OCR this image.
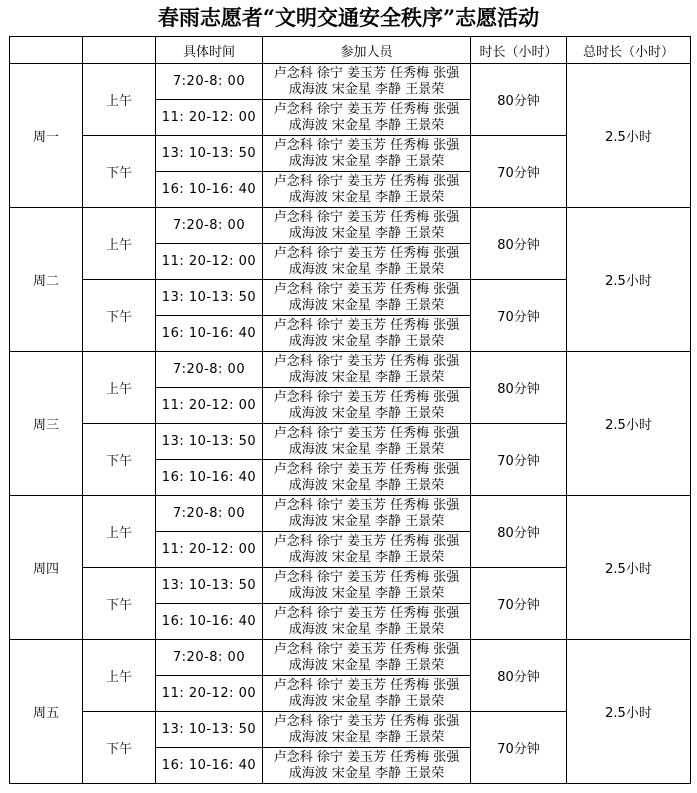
春雨志愿者“文明交通安全秩序”志愿活动
		具体时间	参加人员	时长（小时）	总时长（小时）
周一	上午	7:20-8: 00	卢念科 徐宁 姜玉芳 任秀梅 张强
成海波 宋金星 李静 王景荣	80分钟	2.5小时
		11: 20-12: 00	卢念科 徐宁 姜玉芳 任秀梅 张强
成海波 宋金星 李静 王景荣		

	下午	13: 10-13: 50	卢念科 徐宁 姜玉芳 任秀梅 张强
成海波 宋金星 李静 王景荣	70分钟	
		16: 10-16: 40	卢念科 徐宁 姜玉芳 任秀梅 张强
成海波 宋金星 李静 王景荣		

周二	上午	7:20-8: 00	卢念科 徐宁 姜玉芳 任秀梅 张强
成海波 宋金星 李静 王景荣	80分钟	2.5小时
		11: 20-12: 00	卢念科 徐宁 姜玉芳 任秀梅 张强
成海波 宋金星 李静 王景荣		

	下午	13: 10-13: 50	卢念科 徐宁 姜玉芳 任秀梅 张强
成海波 宋金星 李静 王景荣	70分钟	
		16: 10-16: 40	卢念科 徐宁 姜玉芳 任秀梅 张强
成海波 宋金星 李静 王景荣		

周三	上午	7:20-8: 00	卢念科 徐宁 姜玉芳 任秀梅 张强
成海波 宋金星 李静 王景荣	80分钟	2.5小时
		11: 20-12: 00	卢念科 徐宁 姜玉芳 任秀梅 张强
成海波 宋金星 李静 王景荣		

	下午	13: 10-13: 50	卢念科 徐宁 姜玉芳 任秀梅 张强
成海波 宋金星 李静 王景荣	70分钟	
		16: 10-16: 40	卢念科 徐宁 姜玉芳 任秀梅 张强
成海波 宋金星 李静 王景荣		

周四	上午	7:20-8: 00	卢念科 徐宁 姜玉芳 任秀梅 张强
成海波 宋金星 李静 王景荣	80分钟	2.5小时
		11: 20-12: 00	卢念科 徐宁 姜玉芳 任秀梅 张强
成海波 宋金星 李静 王景荣		

	下午	13: 10-13: 50	卢念科 徐宁 姜玉芳 任秀梅 张强
成海波 宋金星 李静 王景荣	70分钟	
		16: 10-16: 40	卢念科 徐宁 姜玉芳 任秀梅 张强
成海波 宋金星 李静 王景荣		

周五	上午	7:20-8: 00	卢念科 徐宁 姜玉芳 任秀梅 张强
成海波 宋金星 李静 王景荣	80分钟	2.5小时
		11: 20-12: 00	卢念科 徐宁 姜玉芳 任秀梅 张强
成海波 宋金星 李静 王景荣		

	下午	13: 10-13: 50	卢念科 徐宁 姜玉芳 任秀梅 张强
成海波 宋金星 李静 王景荣	70分钟	
		16: 10-16: 40	卢念科 徐宁 姜玉芳 任秀梅 张强
成海波 宋金星 李静 王景荣		
